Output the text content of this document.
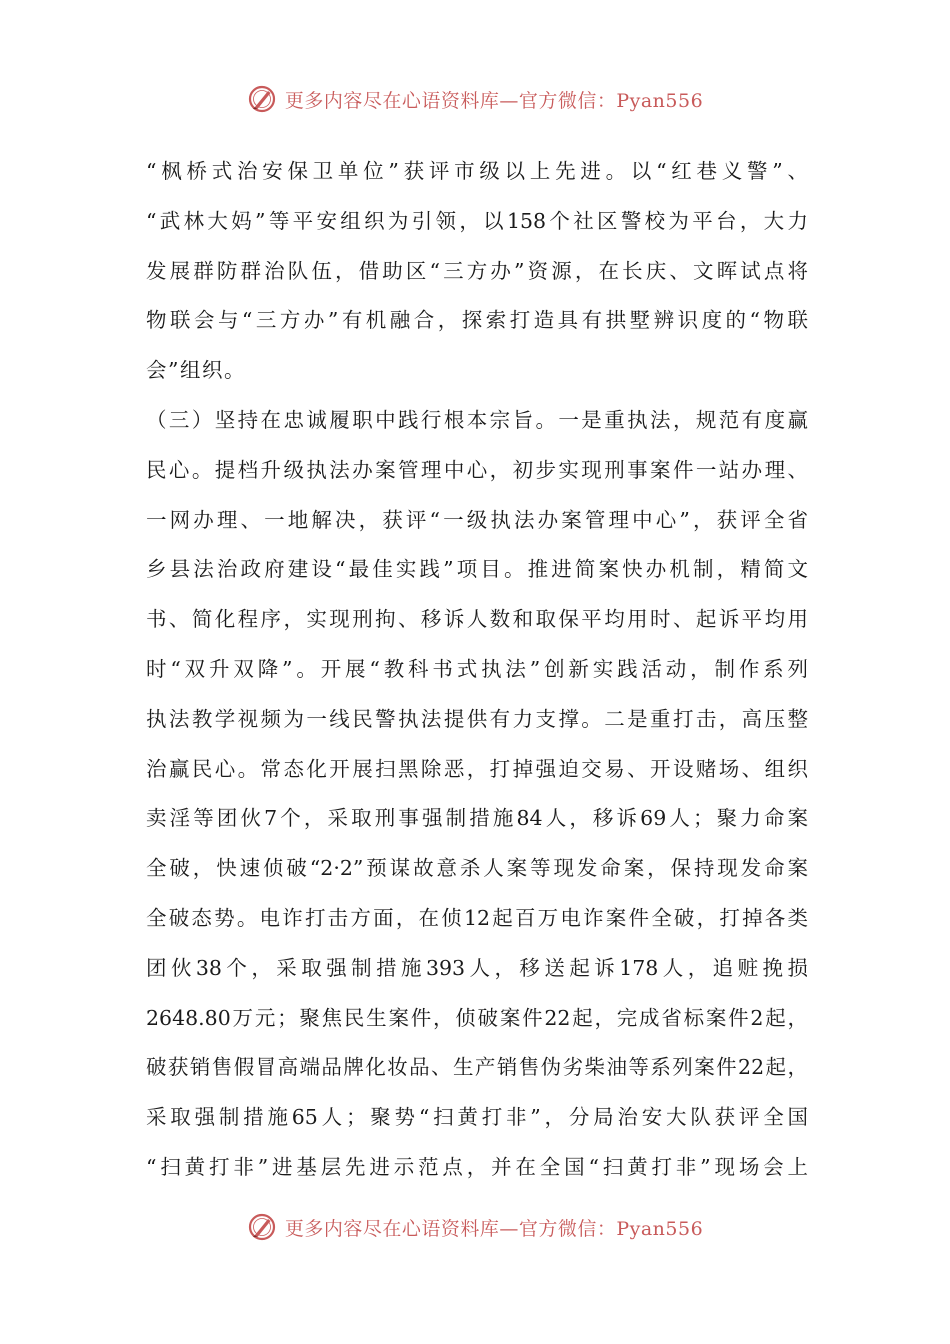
更多内容尽在心语资料库—官方微信：Pyan556
“枫桥式治安保卫单位”获评市级以上先进。以“红巷义警”、
“武林大妈”等平安组织为引领，以158个社区警校为平台，大力
发展群防群治队伍，借助区“三方办”资源，在长庆、文晖试点将
物联会与“三方办”有机融合，探索打造具有拱墅辨识度的“物联
会”组织。
（三）坚持在忠诚履职中践行根本宗旨。一是重执法，规范有度赢
民心。提档升级执法办案管理中心，初步实现刑事案件一站办理、
一网办理、一地解决，获评“一级执法办案管理中心”，获评全省
乡县法治政府建设“最佳实践”项目。推进简案快办机制，精简文
书、简化程序，实现刑拘、移诉人数和取保平均用时、起诉平均用
时“双升双降”。开展“教科书式执法”创新实践活动，制作系列
执法教学视频为一线民警执法提供有力支撑。二是重打击，高压整
治赢民心。常态化开展扫黑除恶，打掉强迫交易、开设赌场、组织
卖淫等团伙7个，采取刑事强制措施84人，移诉69人；聚力命案
全破，快速侦破“2·2”预谋故意杀人案等现发命案，保持现发命案
全破态势。电诈打击方面，在侦12起百万电诈案件全破，打掉各类
团伙38个，采取强制措施393人，移送起诉178人，追赃挽损
2648.80万元；聚焦民生案件，侦破案件22起，完成省标案件2起，
破获销售假冒高端品牌化妆品、生产销售伪劣柴油等系列案件22起，
采取强制措施65人；聚势“扫黄打非”，分局治安大队获评全国
“扫黄打非”进基层先进示范点，并在全国“扫黄打非”现场会上
更多内容尽在心语资料库—官方微信：Pyan556
